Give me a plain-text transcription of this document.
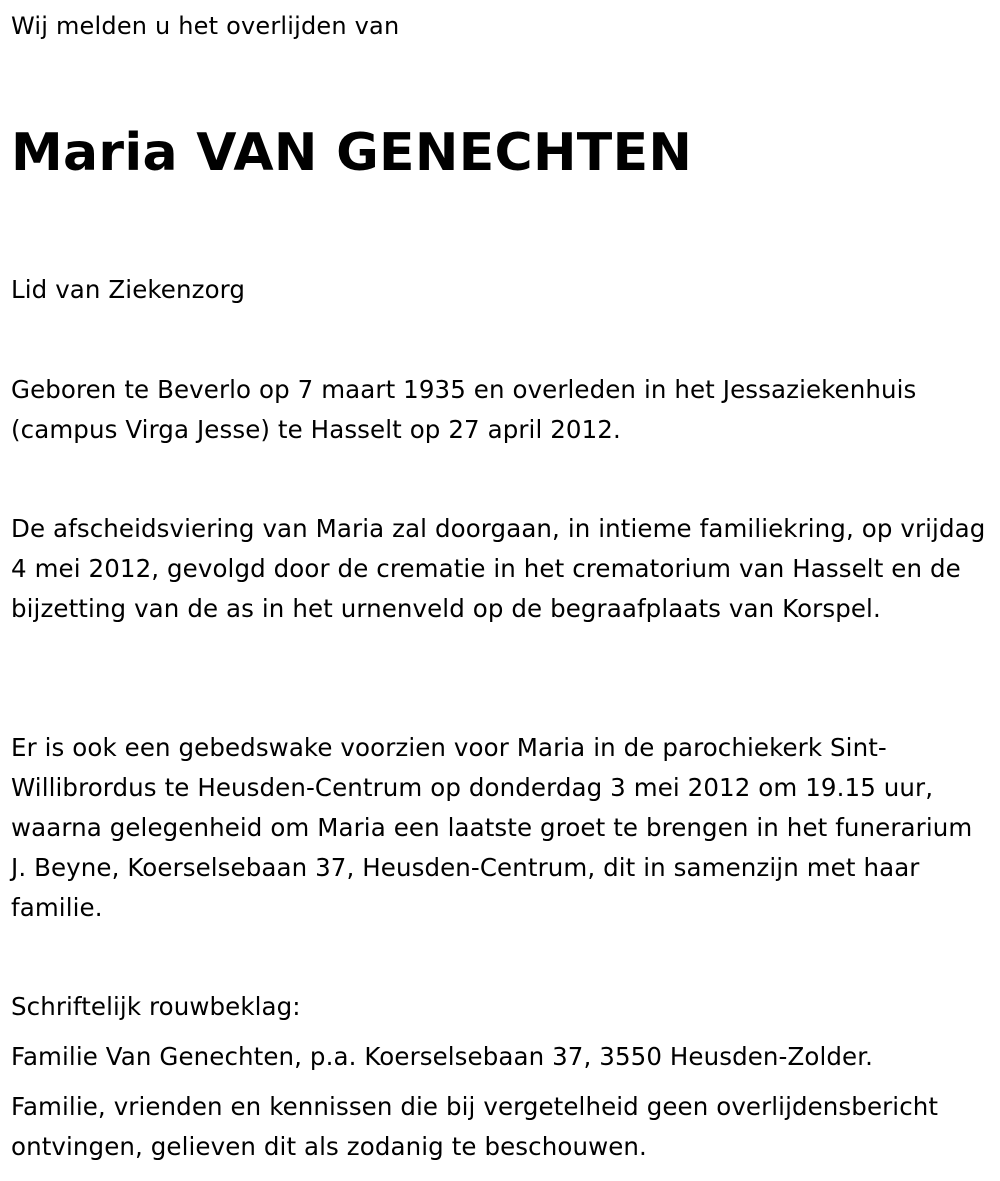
Wij melden u het overlijden van

Maria VAN GENECHTEN

Lid van Ziekenzorg

Geboren te Beverlo op 7 maart 1935 en overleden in het Jessaziekenhuis (campus Virga Jesse) te Hasselt op 27 april 2012.

De afscheidsviering van Maria zal doorgaan, in intieme familiekring, op vrijdag 4 mei 2012, gevolgd door de crematie in het crematorium van Hasselt en de bijzetting van de as in het urnenveld op de begraafplaats van Korspel.

Er is ook een gebedswake voorzien voor Maria in de parochiekerk Sint-Willibrordus te Heusden-Centrum op donderdag 3 mei 2012 om 19.15 uur, waarna gelegenheid om Maria een laatste groet te brengen in het funerarium J. Beyne, Koerselsebaan 37, Heusden-Centrum, dit in samenzijn met haar familie.

Schriftelijk rouwbeklag:

Familie Van Genechten, p.a. Koerselsebaan 37, 3550 Heusden-Zolder.

Familie, vrienden en kennissen die bij vergetelheid geen overlijdensbericht ontvingen, gelieven dit als zodanig te beschouwen.
